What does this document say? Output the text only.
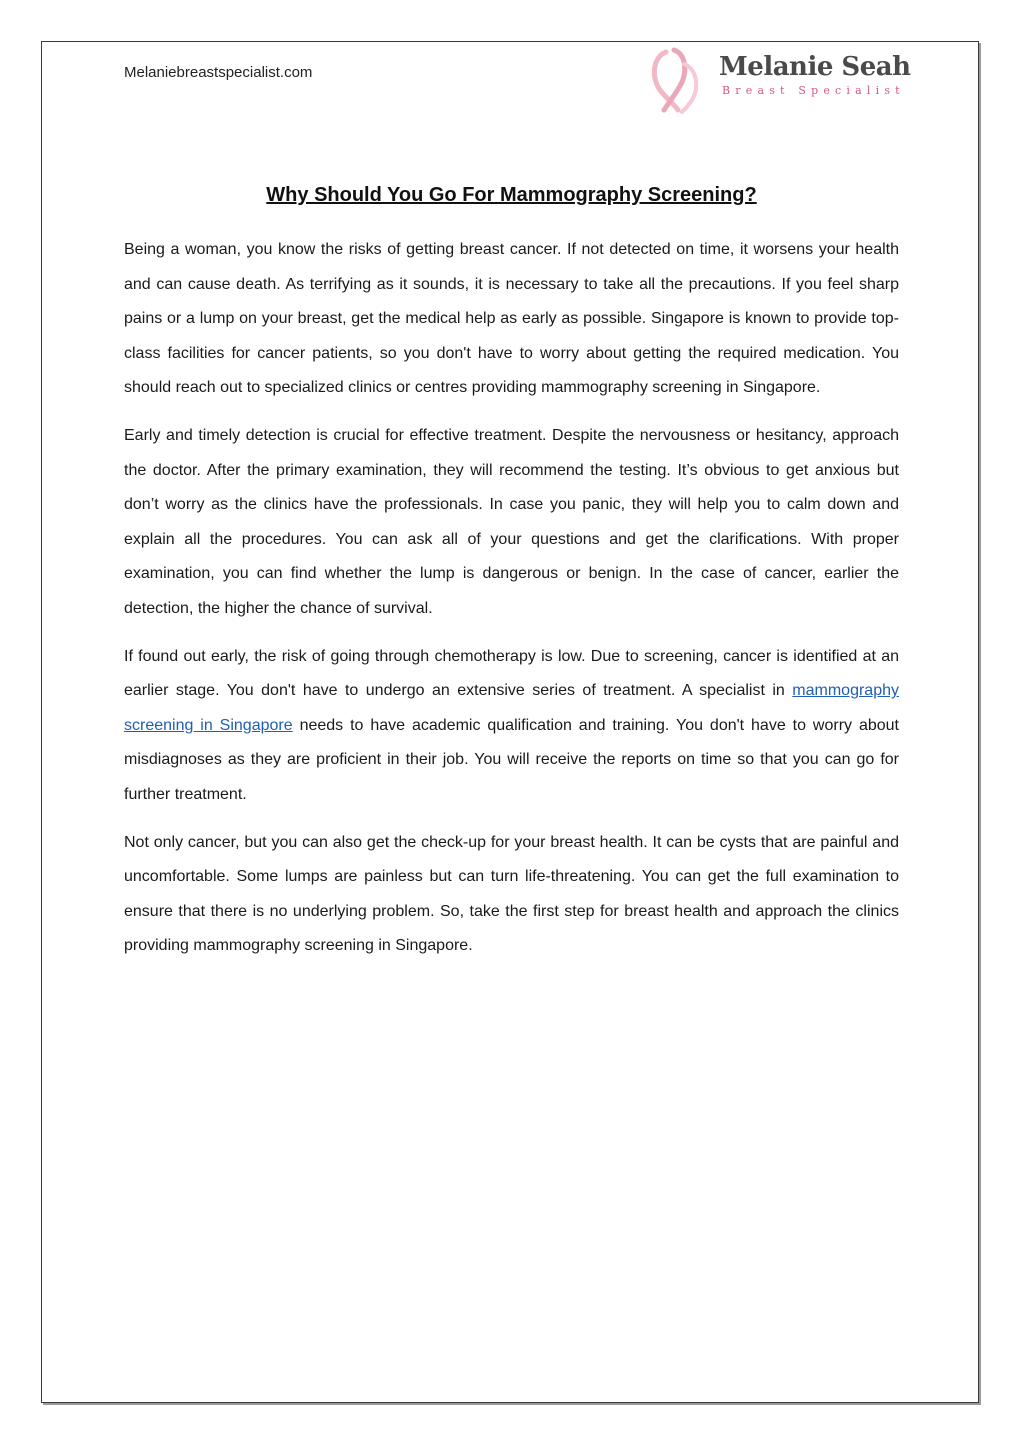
Melaniebreastspecialist.com	Melanie Seah
Breast Specialist
Why Should You Go For Mammography Screening?

Being a woman, you know the risks of getting breast cancer. If not detected on time, it worsens your health and can cause death. As terrifying as it sounds, it is necessary to take all the precautions. If you feel sharp pains or a lump on your breast, get the medical help as early as possible. Singapore is known to provide top-class facilities for cancer patients, so you don't have to worry about getting the required medication. You should reach out to specialized clinics or centres providing mammography screening in Singapore.

Early and timely detection is crucial for effective treatment. Despite the nervousness or hesitancy, approach the doctor. After the primary examination, they will recommend the testing. It’s obvious to get anxious but don’t worry as the clinics have the professionals. In case you panic, they will help you to calm down and explain all the procedures. You can ask all of your questions and get the clarifications. With proper examination, you can find whether the lump is dangerous or benign. In the case of cancer, earlier the detection, the higher the chance of survival.

If found out early, the risk of going through chemotherapy is low. Due to screening, cancer is identified at an earlier stage. You don't have to undergo an extensive series of treatment. A specialist in mammography screening in Singapore needs to have academic qualification and training. You don't have to worry about misdiagnoses as they are proficient in their job. You will receive the reports on time so that you can go for further treatment.

Not only cancer, but you can also get the check-up for your breast health. It can be cysts that are painful and uncomfortable. Some lumps are painless but can turn life-threatening. You can get the full examination to ensure that there is no underlying problem. So, take the first step for breast health and approach the clinics providing mammography screening in Singapore.
